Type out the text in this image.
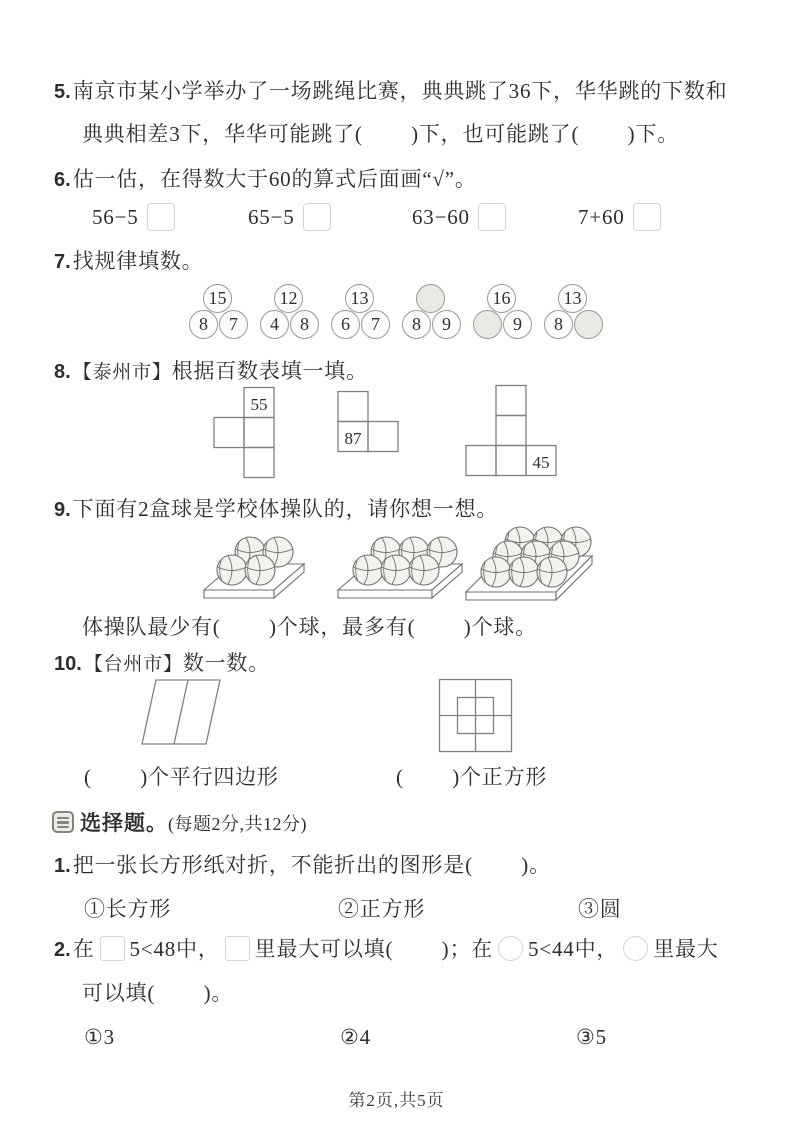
5.南京市某小学举办了一场跳绳比赛，典典跳了36下，华华跳的下数和
典典相差3下，华华可能跳了(        )下，也可能跳了(        )下。
6.估一估，在得数大于60的算式后面画“√”。
56−5	65−5	63−60	7+60
7.找规律填数。
15
8	7
12
4	8
13
6	7	8	9
16
9
13
8
8. 【泰州市】根据百数表填一填。
55
87
45
9.下面有2盒球是学校体操队的，请你想一想。
体操队最少有(        )个球，最多有(        )个球。
10. 【台州市】数一数。
(        )个平行四边形	(        )个正方形
选择题。(每题2分,共12分)
1.把一张长方形纸对折，不能折出的图形是(        )。
①长方形	②正方形	③圆
2.在 5<48中， 里最大可以填(        )；在 5<44中， 里最大
可以填(        )。
①3	②4	③5
第2页,共5页
